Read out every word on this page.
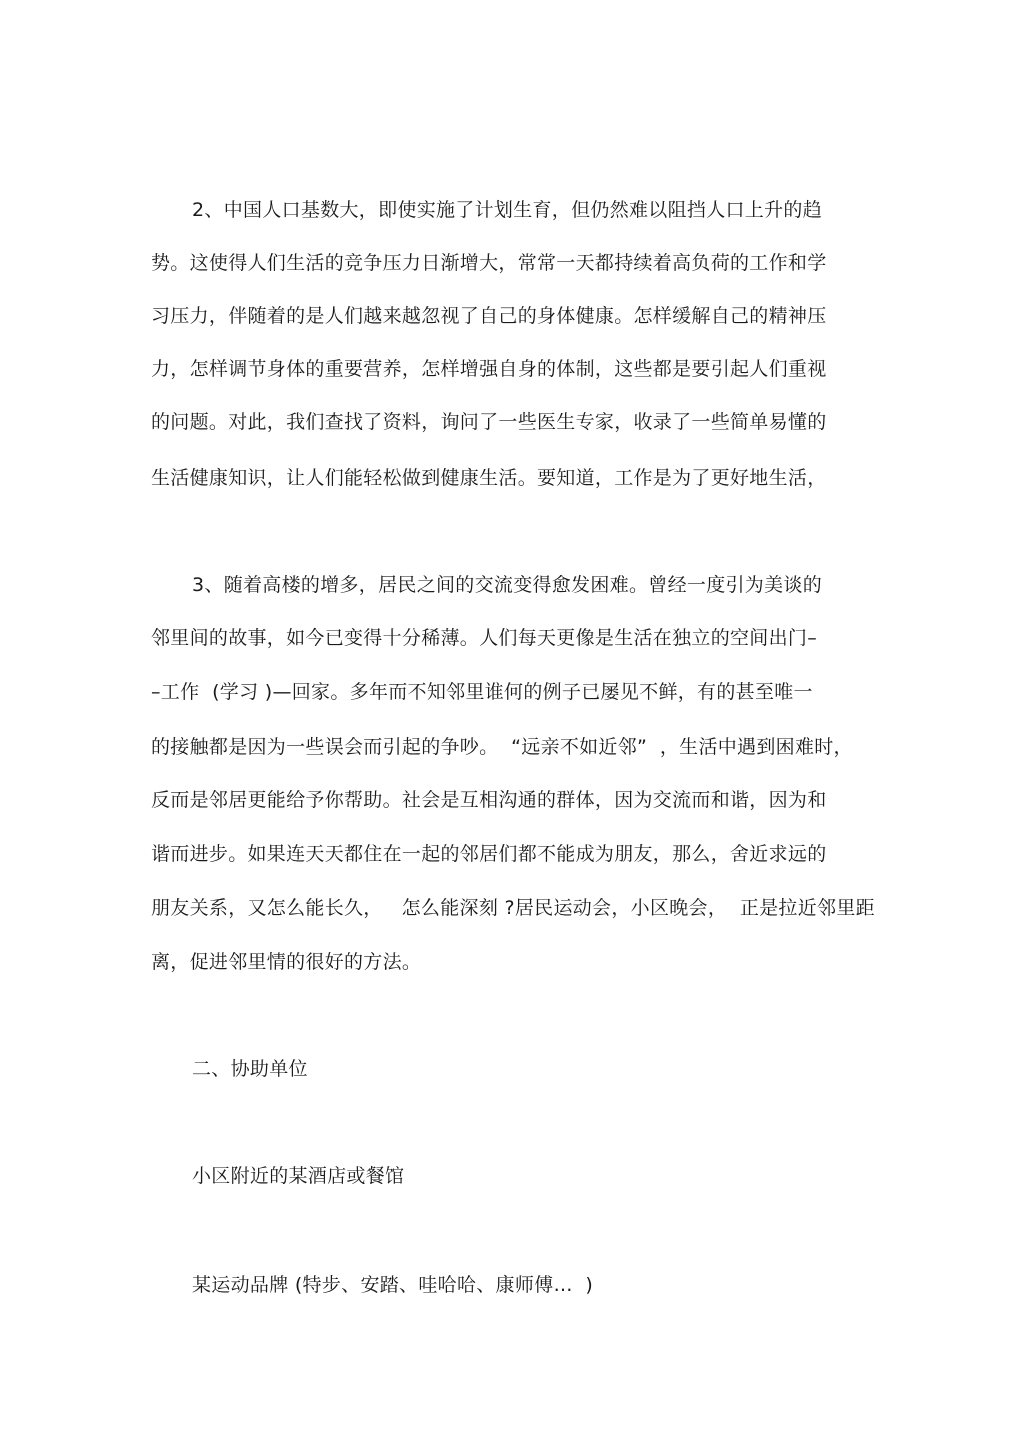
2、中国人口基数大，即使实施了计划生育，但仍然难以阻挡人口上升的趋
势。这使得人们生活的竞争压力日渐增大，常常一天都持续着高负荷的工作和学
习压力，伴随着的是人们越来越忽视了自己的身体健康。怎样缓解自己的精神压
力，怎样调节身体的重要营养，怎样增强自身的体制，这些都是要引起人们重视
的问题。对此，我们查找了资料，询问了一些医生专家，收录了一些简单易懂的
生活健康知识，让人们能轻松做到健康生活。要知道，工作是为了更好地生活，
3、随着高楼的增多，居民之间的交流变得愈发困难。曾经一度引为美谈的
邻里间的故事，如今已变得十分稀薄。人们每天更像是生活在独立的空间出门–
–工作  (学习 )—回家。多年而不知邻里谁何的例子已屡见不鲜，有的甚至唯一
的接触都是因为一些误会而引起的争吵。  “远亲不如近邻”  ，生活中遇到困难时，
反而是邻居更能给予你帮助。社会是互相沟通的群体，因为交流而和谐，因为和
谐而进步。如果连天天都住在一起的邻居们都不能成为朋友，那么，舍近求远的
朋友关系，又怎么能长久，   怎么能深刻 ?居民运动会，小区晚会，  正是拉近邻里距
离，促进邻里情的很好的方法。
二、协助单位
小区附近的某酒店或餐馆
某运动品牌 (特步、安踏、哇哈哈、康师傅…  )
